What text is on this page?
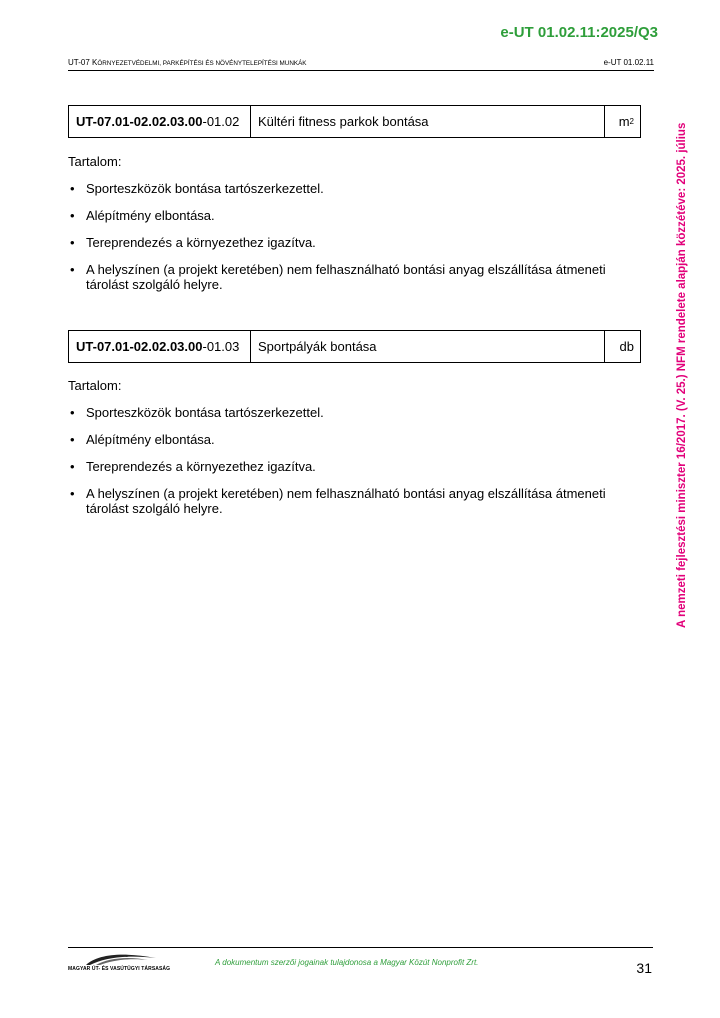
e-UT 01.02.11:2025/Q3
UT-07 KÖRNYEZETVÉDELMI, PARKÉPÍTÉSI ÉS NÖVÉNYTELEPÍTÉSI MUNKÁK	e-UT 01.02.11
UT-07.01-02.02.03.00 -01.02	Kültéri fitness parkok bontása	m 2
Tartalom:
• Sporteszközök bontása tartószerkezettel.
• Alépítmény elbontása.
• Tereprendezés a környezethez igazítva.
• A helyszínen (a projekt keretében) nem felhasználható bontási anyag elszállítása átmeneti tárolást szolgáló helyre.
UT-07.01-02.02.03.00 -01.03	Sportpályák bontása	db
Tartalom:
• Sporteszközök bontása tartószerkezettel.
• Alépítmény elbontása.
• Tereprendezés a környezethez igazítva.
• A helyszínen (a projekt keretében) nem felhasználható bontási anyag elszállítása átmeneti tárolást szolgáló helyre.	A nemzeti fejlesztési miniszter 16/2017. (V. 25.) NFM rendelete alapján közzétéve: 2025. július
MAGYAR ÚT- ÉS VASÚTÜGYI TÁRSASÁG
A dokumentum szerzői jogainak tulajdonosa a Magyar Közút Nonprofit Zrt.	31
